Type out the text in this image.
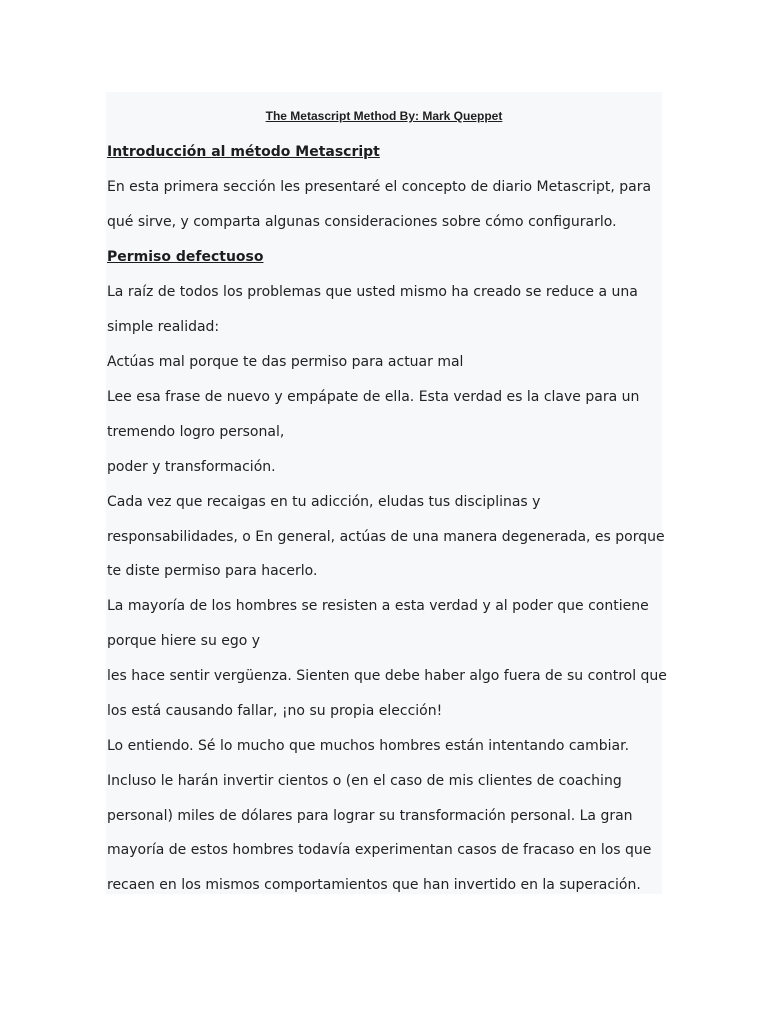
The Metascript Method By: Mark Queppet

Introducción al método Metascript

En esta primera sección les presentaré el concepto de diario Metascript, para

qué sirve, y comparta algunas consideraciones sobre cómo configurarlo.

Permiso defectuoso

La raíz de todos los problemas que usted mismo ha creado se reduce a una

simple realidad:

Actúas mal porque te das permiso para actuar mal

Lee esa frase de nuevo y empápate de ella. Esta verdad es la clave para un

tremendo logro personal,

poder y transformación.

Cada vez que recaigas en tu adicción, eludas tus disciplinas y

responsabilidades, o En general, actúas de una manera degenerada, es porque

te diste permiso para hacerlo.

La mayoría de los hombres se resisten a esta verdad y al poder que contiene

porque hiere su ego y

les hace sentir vergüenza. Sienten que debe haber algo fuera de su control que

los está causando fallar, ¡no su propia elección!

Lo entiendo. Sé lo mucho que muchos hombres están intentando cambiar.

Incluso le harán invertir cientos o (en el caso de mis clientes de coaching

personal) miles de dólares para lograr su transformación personal. La gran

mayoría de estos hombres todavía experimentan casos de fracaso en los que

recaen en los mismos comportamientos que han invertido en la superación.
